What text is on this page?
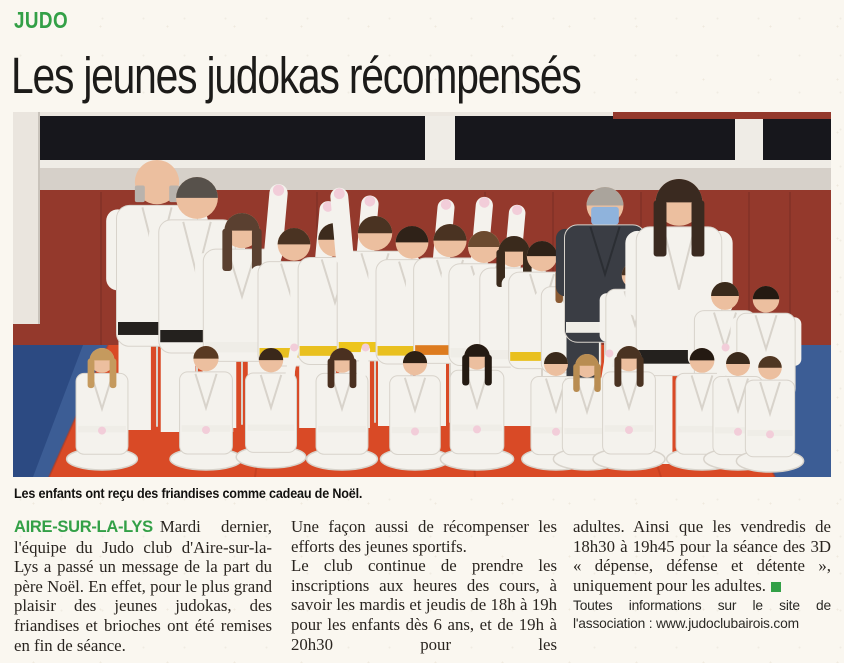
JUDO
Les jeunes judokas récompensés
Les enfants ont reçu des friandises comme cadeau de Noël.

AIRE-SUR-LA-LYS Mardi dernier, l'équipe du Judo club d'Aire-sur-la-Lys a passé un message de la part du père Noël. En effet, pour le plus grand plaisir des jeunes judokas, des friandises et brioches ont été remises en fin de séance.

Une façon aussi de récompenser les efforts des jeunes sportifs.

Le club continue de prendre les inscriptions aux heures des cours, à savoir les mardis et jeudis de 18h à 19h pour les enfants dès 6 ans, et de 19h à 20h30 pour les

adultes. Ainsi que les vendredis de 18h30 à 19h45 pour la séance des 3D « dépense, défense et détente », uniquement pour les adultes.

Toutes informations sur le site de l'association : www.judoclubairois.com
